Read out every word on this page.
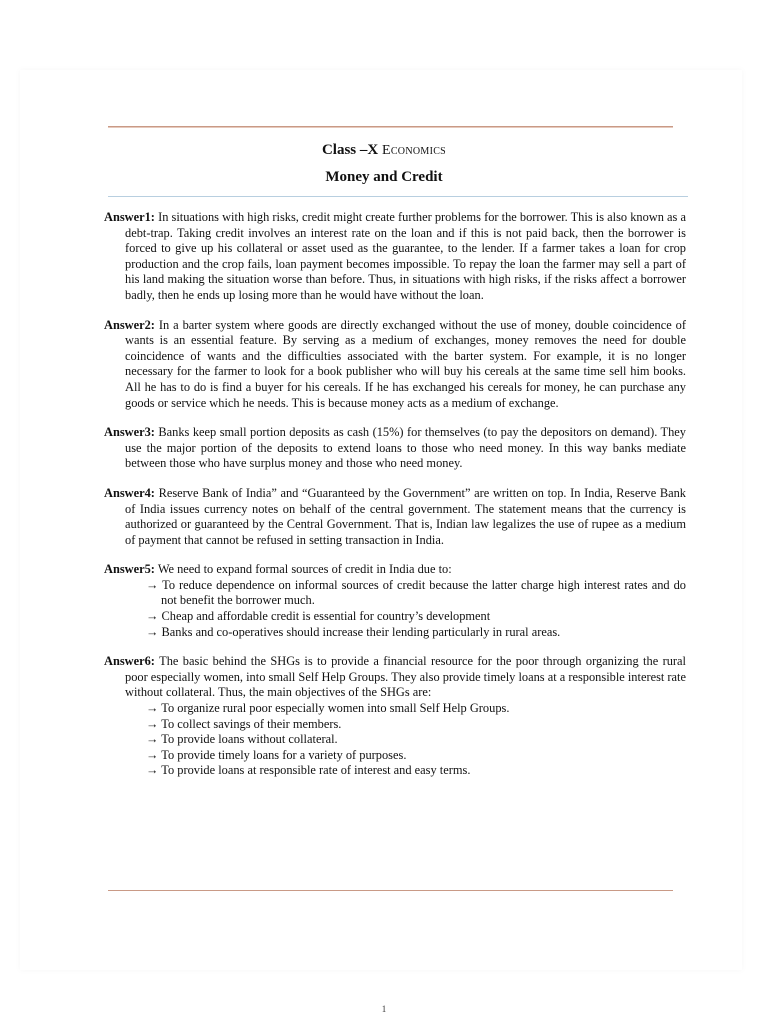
Class –X Economics
Money and Credit

Answer1: In situations with high risks, credit might create further problems for the borrower. This is also known as a debt-trap. Taking credit involves an interest rate on the loan and if this is not paid back, then the borrower is forced to give up his collateral or asset used as the guarantee, to the lender. If a farmer takes a loan for crop production and the crop fails, loan payment becomes impossible. To repay the loan the farmer may sell a part of his land making the situation worse than before. Thus, in situations with high risks, if the risks affect a borrower badly, then he ends up losing more than he would have without the loan.

Answer2: In a barter system where goods are directly exchanged without the use of money, double coincidence of wants is an essential feature. By serving as a medium of exchanges, money removes the need for double coincidence of wants and the difficulties associated with the barter system. For example, it is no longer necessary for the farmer to look for a book publisher who will buy his cereals at the same time sell him books. All he has to do is find a buyer for his cereals. If he has exchanged his cereals for money, he can purchase any goods or service which he needs. This is because money acts as a medium of exchange.

Answer3: Banks keep small portion deposits as cash (15%) for themselves (to pay the depositors on demand). They use the major portion of the deposits to extend loans to those who need money. In this way banks mediate between those who have surplus money and those who need money.

Answer4: Reserve Bank of India” and “Guaranteed by the Government” are written on top. In India, Reserve Bank of India issues currency notes on behalf of the central government. The statement means that the currency is authorized or guaranteed by the Central Government. That is, Indian law legalizes the use of rupee as a medium of payment that cannot be refused in setting transaction in India.

Answer5: We need to expand formal sources of credit in India due to:
→ To reduce dependence on informal sources of credit because the latter charge high interest rates and do not benefit the borrower much.
→ Cheap and affordable credit is essential for country’s development
→ Banks and co-operatives should increase their lending particularly in rural areas.
Answer6: The basic behind the SHGs is to provide a financial resource for the poor through organizing the rural poor especially women, into small Self Help Groups. They also provide timely loans at a responsible interest rate without collateral. Thus, the main objectives of the SHGs are:
→ To organize rural poor especially women into small Self Help Groups.
→ To collect savings of their members.
→ To provide loans without collateral.
→ To provide timely loans for a variety of purposes.
→ To provide loans at responsible rate of interest and easy terms.
1
